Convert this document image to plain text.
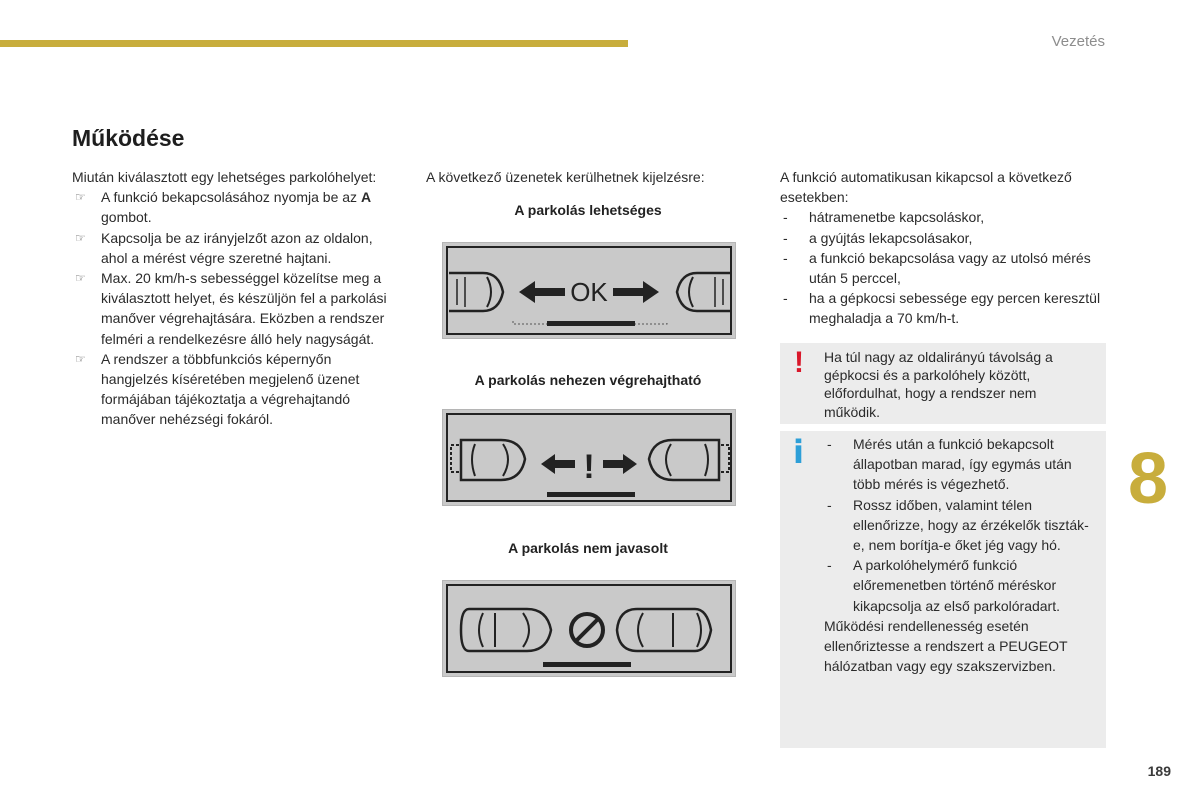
Vezetés
Működése
Miután kiválasztott egy lehetséges parkolóhelyet:
☞ A funkció bekapcsolásához nyomja be az A gombot.
☞ Kapcsolja be az irányjelzőt azon az oldalon, ahol a mérést végre szeretné hajtani.
☞ Max. 20 km/h-s sebességgel közelítse meg a kiválasztott helyet, és készüljön fel a parkolási manőver végrehajtására. Eközben a rendszer felméri a rendelkezésre álló hely nagyságát.
☞ A rendszer a többfunkciós képernyőn hangjelzés kíséretében megjelenő üzenet formájában tájékoztatja a végrehajtandó manőver nehézségi fokáról.
A következő üzenetek kerülhetnek kijelzésre:
A parkolás lehetséges
OK
A parkolás nehezen végrehajtható
!
A parkolás nem javasolt
A funkció automatikusan kikapcsol a következő esetekben:
- hátramenetbe kapcsoláskor,
- a gyújtás lekapcsolásakor,
- a funkció bekapcsolása vagy az utolsó mérés után 5 perccel,
- ha a gépkocsi sebessége egy percen keresztül meghaladja a 70 km/h-t.
! Ha túl nagy az oldalirányú távolság a gépkocsi és a parkolóhely között, előfordulhat, hogy a rendszer nem működik.
i - Mérés után a funkció bekapcsolt állapotban marad, így egymás után több mérés is végezhető.
- Rossz időben, valamint télen ellenőrizze, hogy az érzékelők tiszták-e, nem borítja-e őket jég vagy hó.
- A parkolóhelymérő funkció előremenetben történő méréskor kikapcsolja az első parkolóradart.
Működési rendellenesség esetén ellenőriztesse a rendszert a PEUGEOT hálózatban vagy egy szakszervizben.
8
189
